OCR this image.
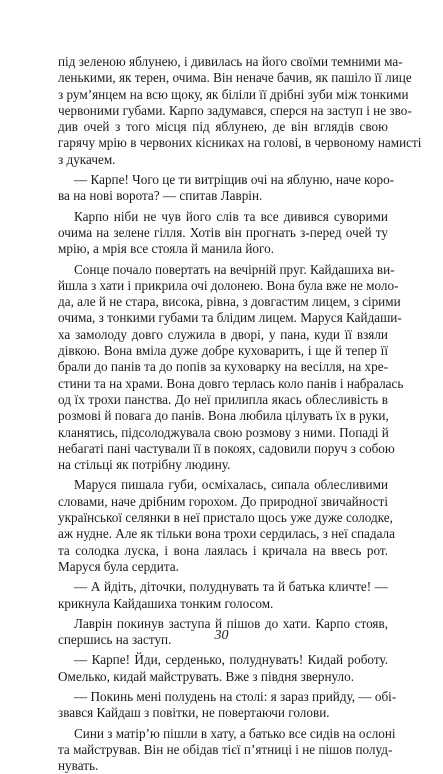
під зеленою яблунею, і дивилась на його своїми темними ма-
ленькими, як терен, очима. Він неначе бачив, як пашіло її лице
з рум’янцем на всю щоку, як біліли її дрібні зуби між тонкими
червоними губами. Карпо задумався, сперся на заступ і не зво-
див очей з того місця під яблунею, де він вглядів свою
гарячу мрію в червоних кісниках на голові, в червоному намисті
з дукачем.
— Карпе! Чого це ти витріщив очі на яблуню, наче коро-
ва на нові ворота? — спитав Лаврін.
Карпо ніби не чув його слів та все дивився суворими
очима на зелене гілля. Хотів він прогнать з-перед очей ту
мрію, а мрія все стояла й манила його.
Сонце почало повертать на вечірній пруг. Кайдашиха ви-
йшла з хати і прикрила очі долонею. Вона була вже не моло-
да, але й не стара, висока, рівна, з довгастим лицем, з сірими
очима, з тонкими губами та блідим лицем. Маруся Кайдаши-
ха замолоду довго служила в дворі, у пана, куди її взяли
дівкою. Вона вміла дуже добре куховарить, і ще й тепер її
брали до панів та до попів за куховарку на весілля, на хре-
стини та на храми. Вона довго терлась коло панів і набралась
од їх трохи панства. До неї прилипла якась облесливість в
розмові й повага до панів. Вона любила цілувать їх в руки,
кланятись, підсолоджувала свою розмову з ними. Попаді й
небагаті пані частували її в покоях, садовили поруч з собою
на стільці як потрібну людину.
Маруся пишала губи, осміхалась, сипала облесливими
словами, наче дрібним горохом. До природної звичайності
української селянки в неї пристало щось уже дуже солодке,
аж нудне. Але як тільки вона трохи сердилась, з неї спадала
та солодка луска, і вона лаялась і кричала на ввесь рот.
Маруся була сердита.
— А йдіть, діточки, полуднувать та й батька кличте! —
крикнула Кайдашиха тонким голосом.
Лаврін покинув заступа й пішов до хати. Карпо стояв,
спершись на заступ.
— Карпе! Йди, серденько, полуднувать! Кидай роботу.
Омелько, кидай майструвать. Вже з півдня звернуло.
— Покинь мені полудень на столі: я зараз прийду, — обі-
звався Кайдаш з повітки, не повертаючи голови.
Сини з матір’ю пішли в хату, а батько все сидів на ослоні
та майстрував. Він не обідав тієї п’ятниці і не пішов полуд-
нувать.
30
